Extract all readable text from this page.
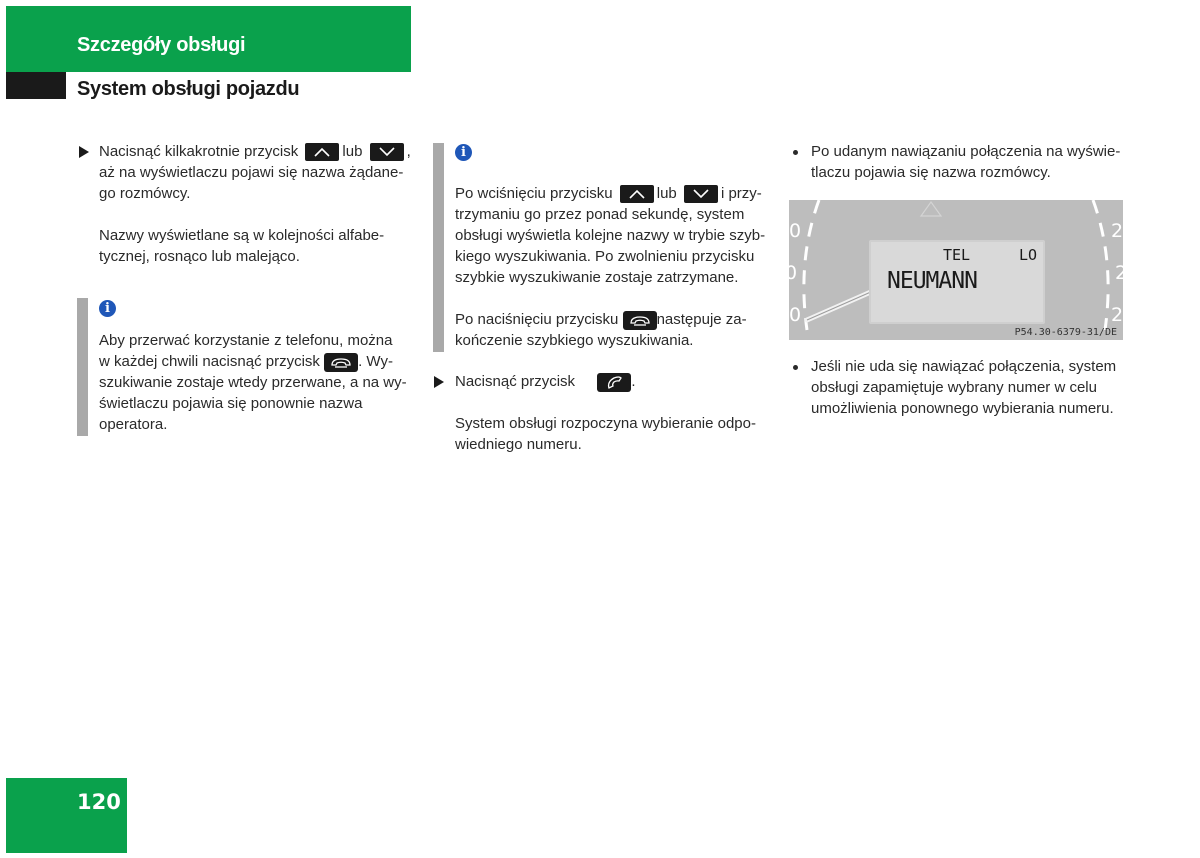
Szczegóły obsługi
System obsługi pojazdu
Nacisnąć kilkakrotnie przycisk	lub	,
aż na wyświetlaczu pojawi się nazwa żądane-
go rozmówcy.
Nazwy wyświetlane są w kolejności alfabe-
tycznej, rosnąco lub malejąco.
i
Aby przerwać korzystanie z telefonu, można
w każdej chwili nacisnąć przycisk	. Wy-
szukiwanie zostaje wtedy przerwane, a na wy-
świetlaczu pojawia się ponownie nazwa
operatora.
i
Po wciśnięciu przycisku	lub	i przy-
trzymaniu go przez ponad sekundę, system
obsługi wyświetla kolejne nazwy w trybie szyb-
kiego wyszukiwania. Po zwolnieniu przycisku
szybkie wyszukiwanie zostaje zatrzymane.
Po naciśnięciu przycisku	następuje za-
kończenie szybkiego wyszukiwania.
Nacisnąć przycisk	.
System obsługi rozpoczyna wybieranie odpo-
wiedniego numeru.
Po udanym nawiązaniu połączenia na wyświe-
tlaczu pojawia się nazwa rozmówcy.
0
0
0
2
2
2
TEL	LO
NEUMANN
P54.30-6379-31/DE
Jeśli nie uda się nawiązać połączenia, system
obsługi zapamiętuje wybrany numer w celu
umożliwienia ponownego wybierania numeru.
120
